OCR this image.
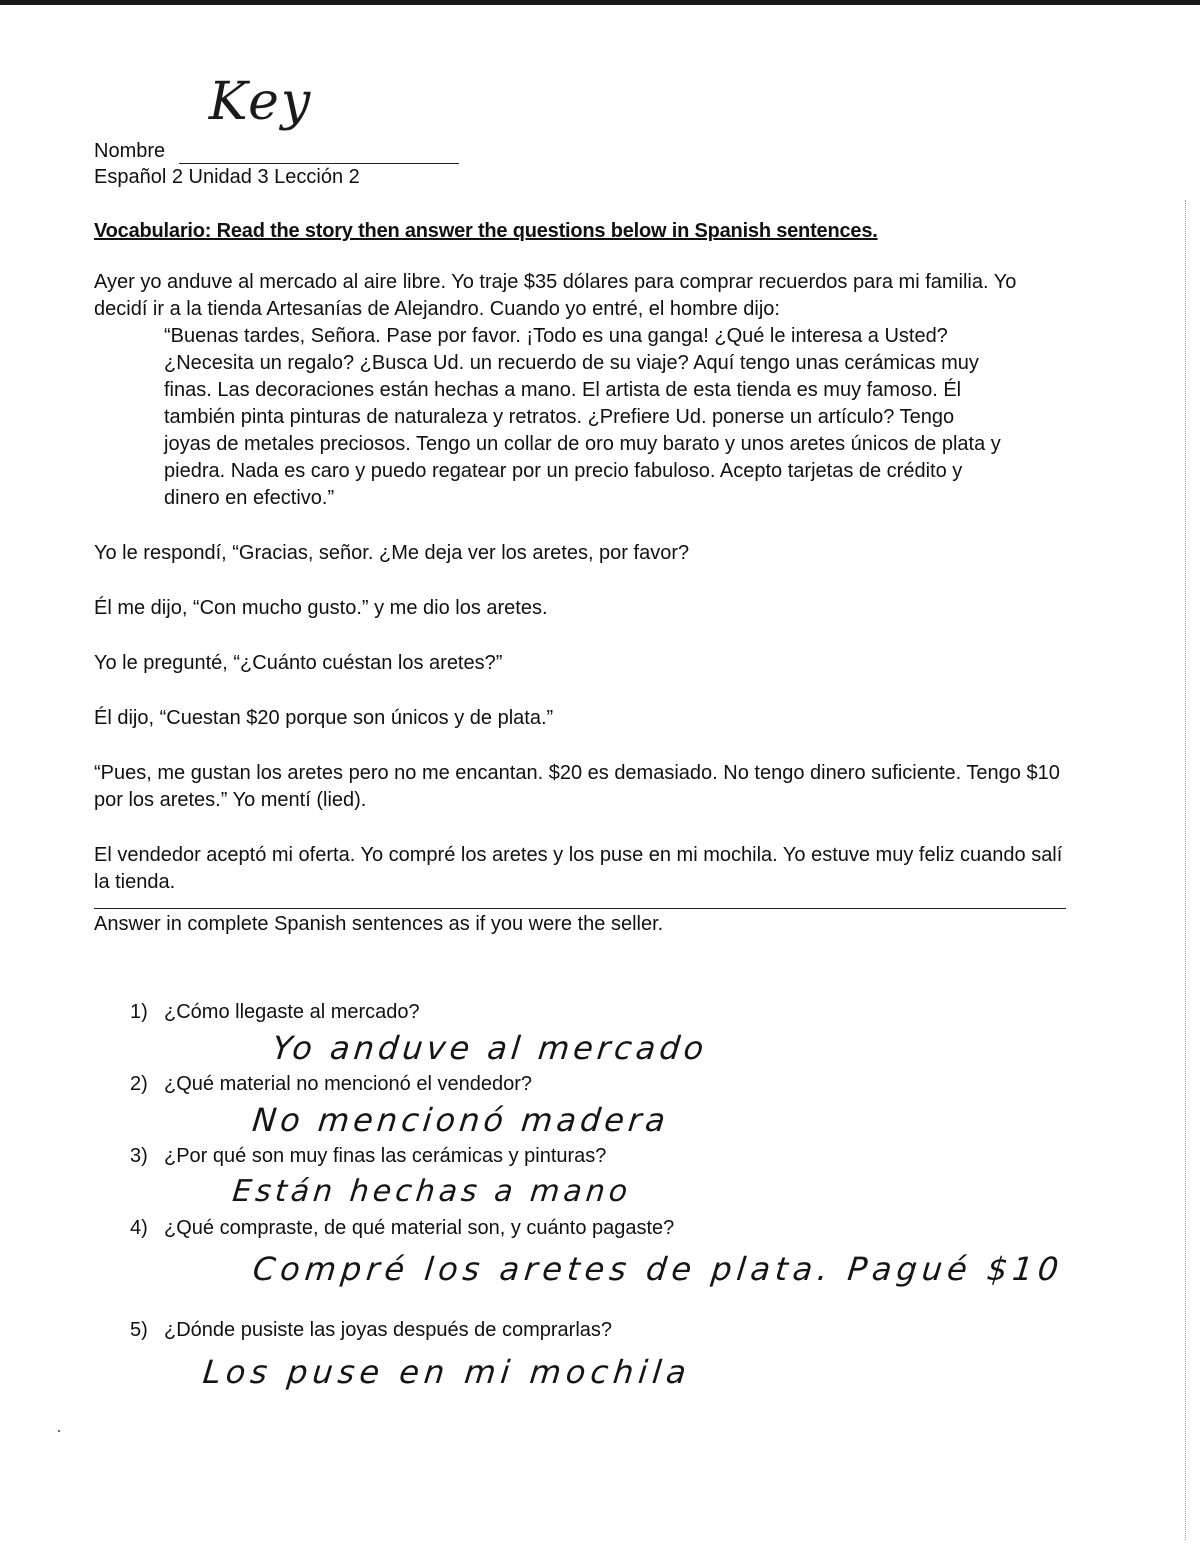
Nombre
Key
Español 2 Unidad 3 Lección 2
Vocabulario: Read the story then answer the questions below in Spanish sentences.

Ayer yo anduve al mercado al aire libre. Yo traje $35 dólares para comprar recuerdos para mi familia. Yo decidí ir a la tienda Artesanías de Alejandro. Cuando yo entré, el hombre dijo:

“Buenas tardes, Señora. Pase por favor. ¡Todo es una ganga! ¿Qué le interesa a Usted? ¿Necesita un regalo? ¿Busca Ud. un recuerdo de su viaje? Aquí tengo unas cerámicas muy finas. Las decoraciones están hechas a mano. El artista de esta tienda es muy famoso. Él también pinta pinturas de naturaleza y retratos. ¿Prefiere Ud. ponerse un artículo? Tengo joyas de metales preciosos. Tengo un collar de oro muy barato y unos aretes únicos de plata y piedra. Nada es caro y puedo regatear por un precio fabuloso. Acepto tarjetas de crédito y dinero en efectivo.”

Yo le respondí, “Gracias, señor. ¿Me deja ver los aretes, por favor?

Él me dijo, “Con mucho gusto.” y me dio los aretes.

Yo le pregunté, “¿Cuánto cuéstan los aretes?”

Él dijo, “Cuestan $20 porque son únicos y de plata.”

“Pues, me gustan los aretes pero no me encantan. $20 es demasiado. No tengo dinero suficiente. Tengo $10 por los aretes.” Yo mentí (lied).

El vendedor aceptó mi oferta. Yo compré los aretes y los puse en mi mochila. Yo estuve muy feliz cuando salí la tienda.

Answer in complete Spanish sentences as if you were the seller.
1) ¿Cómo llegaste al mercado?
Yo anduve al mercado
2) ¿Qué material no mencionó el vendedor?
No mencionó madera
3) ¿Por qué son muy finas las cerámicas y pinturas?
Están hechas a mano
4) ¿Qué compraste, de qué material son, y cuánto pagaste?
Compré los aretes de plata. Pagué $10
5) ¿Dónde pusiste las joyas después de comprarlas?
Los puse en mi mochila
